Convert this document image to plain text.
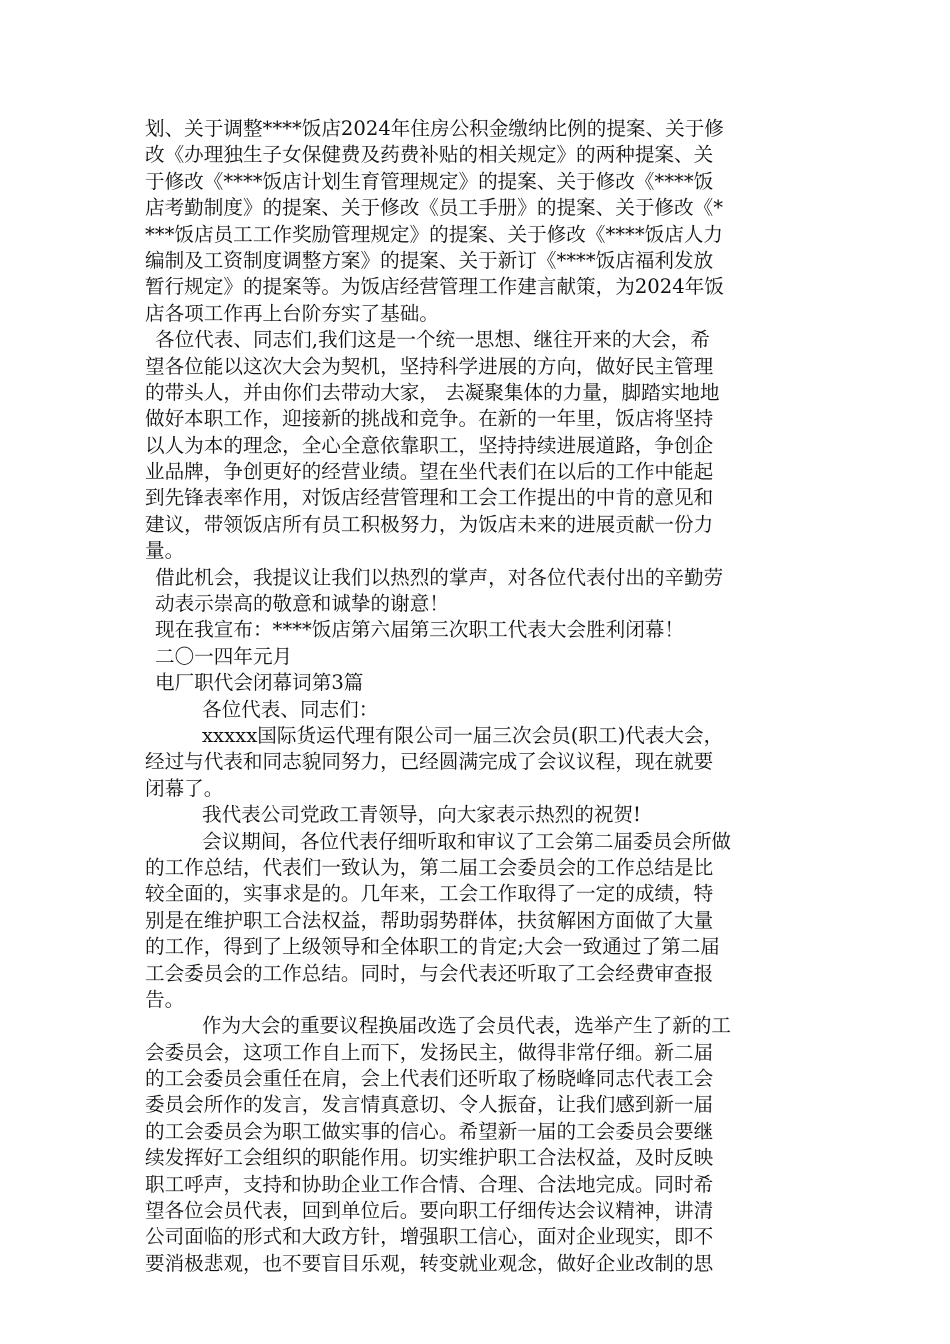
划、关于调整****饭店2024年住房公积金缴纳比例的提案、关于修
改《办理独生子女保健费及药费补贴的相关规定》的两种提案、关
于修改《****饭店计划生育管理规定》的提案、关于修改《****饭
店考勤制度》的提案、关于修改《员工手册》的提案、关于修改《*
***饭店员工工作奖励管理规定》的提案、关于修改《****饭店人力
编制及工资制度调整方案》的提案、关于新订《****饭店福利发放
暂行规定》的提案等。为饭店经营管理工作建言献策，为2024年饭
店各项工作再上台阶夯实了基础。
各位代表、同志们,我们这是一个统一思想、继往开来的大会，希
望各位能以这次大会为契机，坚持科学进展的方向，做好民主管理
的带头人，并由你们去带动大家， 去凝聚集体的力量，脚踏实地地
做好本职工作，迎接新的挑战和竞争。在新的一年里，饭店将坚持
以人为本的理念，全心全意依靠职工，坚持持续进展道路，争创企
业品牌，争创更好的经营业绩。望在坐代表们在以后的工作中能起
到先锋表率作用，对饭店经营管理和工会工作提出的中肯的意见和
建议，带领饭店所有员工积极努力，为饭店未来的进展贡献一份力
量。
借此机会，我提议让我们以热烈的掌声，对各位代表付出的辛勤劳
动表示崇高的敬意和诚挚的谢意！
现在我宣布：****饭店第六届第三次职工代表大会胜利闭幕！
二〇一四年元月
电厂职代会闭幕词第3篇
各位代表、同志们：
xxxxx国际货运代理有限公司一届三次会员(职工)代表大会，
经过与代表和同志貌同努力，已经圆满完成了会议议程，现在就要
闭幕了。
我代表公司党政工青领导，向大家表示热烈的祝贺!
会议期间，各位代表仔细听取和审议了工会第二届委员会所做
的工作总结，代表们一致认为，第二届工会委员会的工作总结是比
较全面的，实事求是的。几年来，工会工作取得了一定的成绩，特
别是在维护职工合法权益，帮助弱势群体，扶贫解困方面做了大量
的工作，得到了上级领导和全体职工的肯定;大会一致通过了第二届
工会委员会的工作总结。同时，与会代表还听取了工会经费审查报
告。
作为大会的重要议程换届改选了会员代表，选举产生了新的工
会委员会，这项工作自上而下，发扬民主，做得非常仔细。新二届
的工会委员会重任在肩，会上代表们还听取了杨晓峰同志代表工会
委员会所作的发言，发言情真意切、令人振奋，让我们感到新一届
的工会委员会为职工做实事的信心。希望新一届的工会委员会要继
续发挥好工会组织的职能作用。切实维护职工合法权益，及时反映
职工呼声，支持和协助企业工作合情、合理、合法地完成。同时希
望各位会员代表，回到单位后。要向职工仔细传达会议精神，讲清
公司面临的形式和大政方针，增强职工信心，面对企业现实，即不
要消极悲观，也不要盲目乐观，转变就业观念，做好企业改制的思
